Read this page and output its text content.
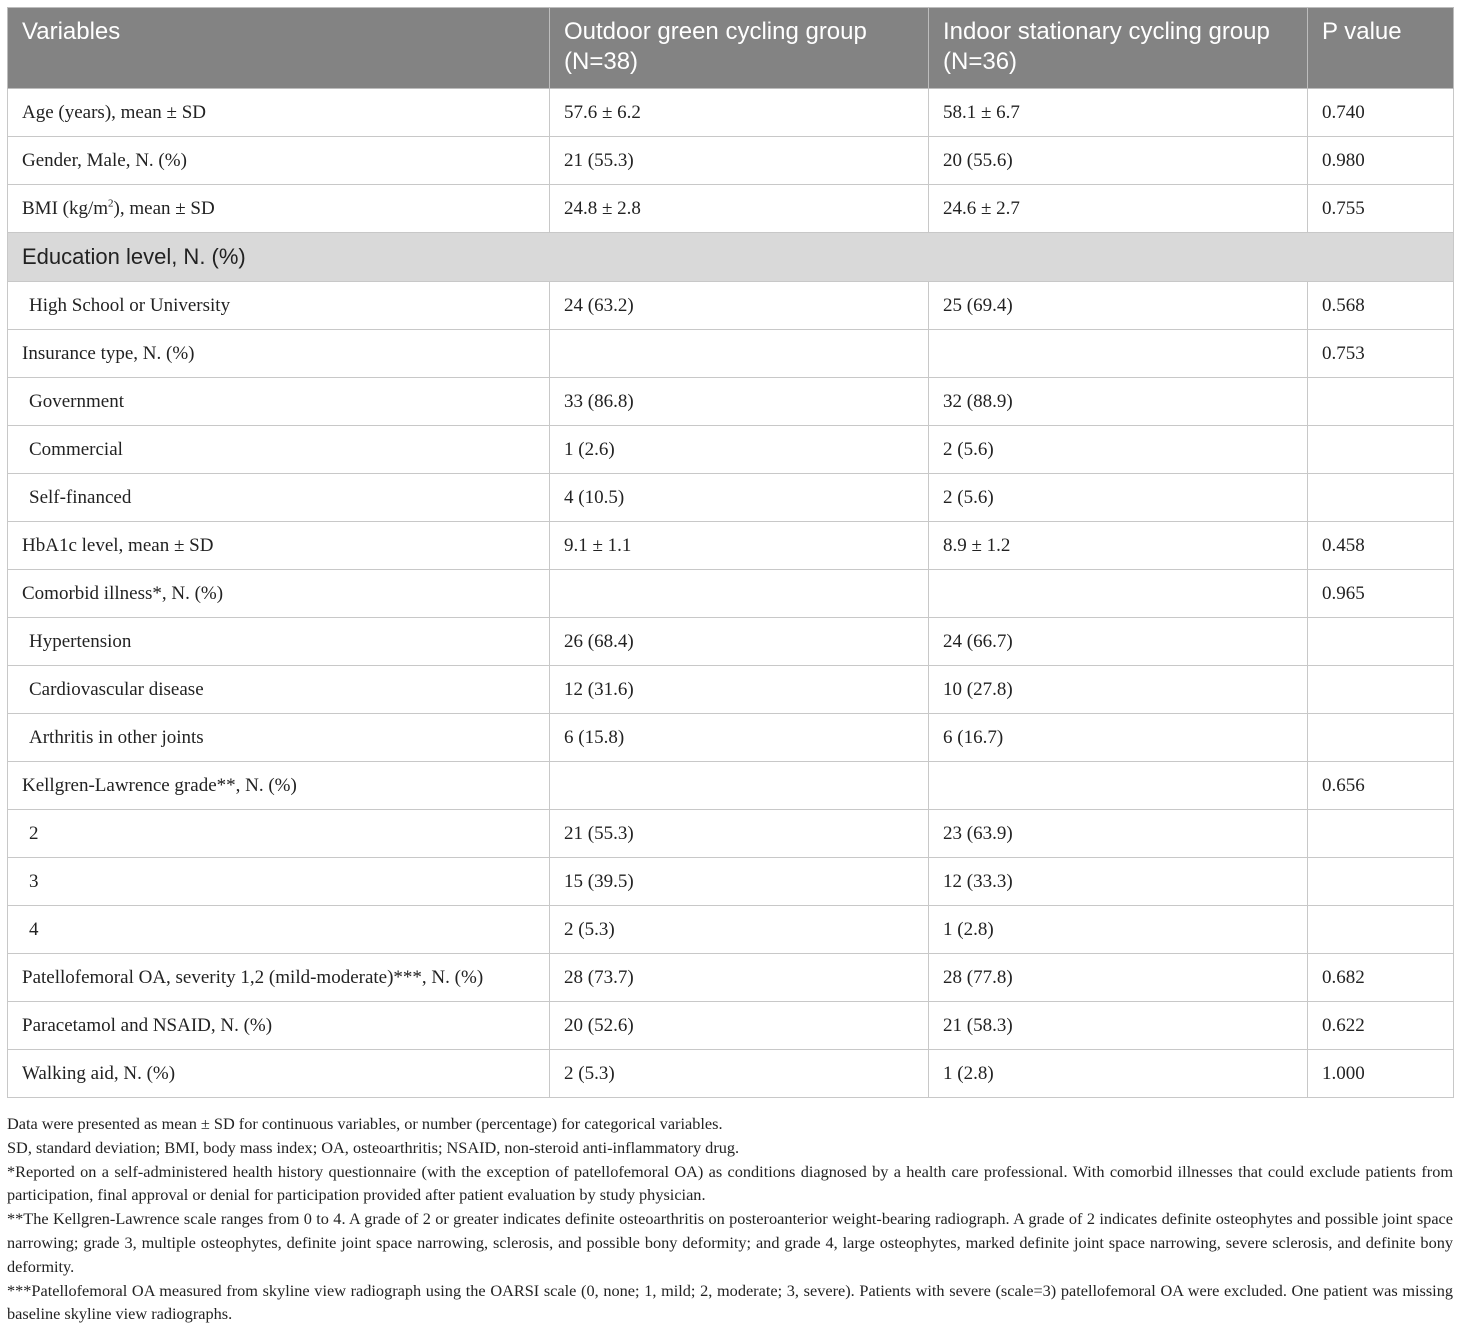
Variables	Outdoor green cycling group (N=38)	Indoor stationary cycling group (N=36)	P value
Age (years), mean ± SD	57.6 ± 6.2	58.1 ± 6.7	0.740
Gender, Male, N. (%)	21 (55.3)	20 (55.6)	0.980
BMI $(kg/m^2)$, mean ± SD	24.8 ± 2.8	24.6 ± 2.7	0.755
Education level, N. (%)			
High School or University	24 (63.2)	25 (69.4)	0.568
Insurance type, N. (%)			0.753
Government	33 (86.8)	32 (88.9)	
Commercial	1 (2.6)	2 (5.6)	
Self-financed	4 (10.5)	2 (5.6)	
HbA1c level, mean ± SD	9.1 ± 1.1	8.9 ± 1.2	0.458
Comorbid illness*, N. (%)			0.965
Hypertension	26 (68.4)	24 (66.7)	
Cardiovascular disease	12 (31.6)	10 (27.8)	
Arthritis in other joints	6 (15.8)	6 (16.7)	
Kellgren-Lawrence grade**, N. (%)			0.656
2	21 (55.3)	23 (63.9)	
3	15 (39.5)	12 (33.3)	
4	2 (5.3)	1 (2.8)	
Patellofemoral OA, severity 1,2 (mild-moderate)***, N. (%)	28 (73.7)	28 (77.8)	0.682
Paracetamol and NSAID, N. (%)	20 (52.6)	21 (58.3)	0.622
Walking aid, N. (%)	2 (5.3)	1 (2.8)	1.000

Data were presented as mean ± SD for continuous variables, or number (percentage) for categorical variables.

SD, standard deviation; BMI, body mass index; OA, osteoarthritis; NSAID, non-steroid anti-inflammatory drug.

*Reported on a self-administered health history questionnaire (with the exception of patellofemoral OA) as conditions diagnosed by a health care professional. With comorbid illnesses that could exclude patients from participation, final approval or denial for participation provided after patient evaluation by study physician.

**The Kellgren-Lawrence scale ranges from 0 to 4. A grade of 2 or greater indicates definite osteoarthritis on posteroanterior weight-bearing radiograph. A grade of 2 indicates definite osteophytes and possible joint space narrowing; grade 3, multiple osteophytes, definite joint space narrowing, sclerosis, and possible bony deformity; and grade 4, large osteophytes, marked definite joint space narrowing, severe sclerosis, and definite bony deformity.

***Patellofemoral OA measured from skyline view radiograph using the OARSI scale (0, none; 1, mild; 2, moderate; 3, severe). Patients with severe (scale=3) patellofemoral OA were excluded. One patient was missing baseline skyline view radiographs.
